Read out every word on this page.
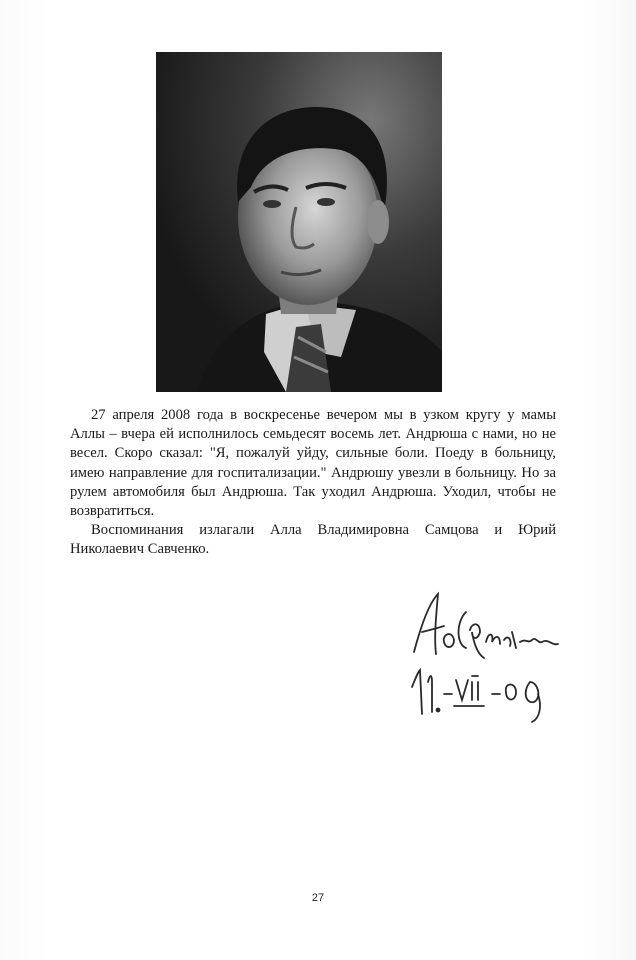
27 апреля 2008 года в воскресенье вечером мы в узком кругу у мамы Аллы – вчера ей исполнилось семьдесят восемь лет. Андрюша с нами, но не весел. Скоро сказал: "Я, пожалуй уйду, сильные боли. Поеду в больницу, имею направление для госпитализации." Андрюшу увезли в больницу. Но за рулем автомобиля был Андрюша. Так уходил Андрюша. Уходил, чтобы не возвратиться.

Воспоминания излагали Алла Владимировна Самцова и Юрий Николаевич Савченко.

27
